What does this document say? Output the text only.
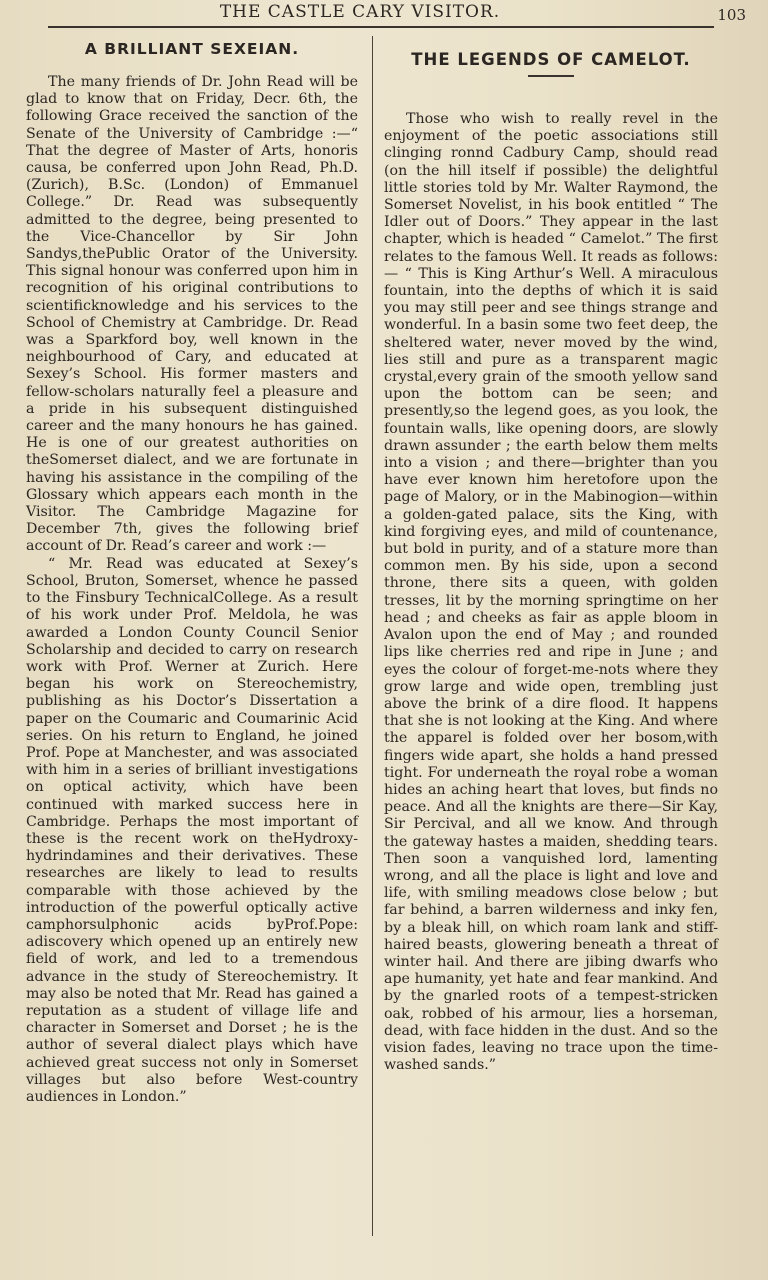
THE CASTLE CARY VISITOR.	103
A BRILLIANT SEXEIAN.

The many friends of Dr. John Read will be glad to know that on Friday, Decr. 6th, the following Grace received the sanction of the Senate of the University of Cambridge :—“ That the degree of Master of Arts, honoris causa, be conferred upon John Read, Ph.D. (Zurich), B.Sc. (London) of Emmanuel College.” Dr. Read was subsequently admitted to the degree, being presented to the Vice-Chancellor by Sir John Sandys,thePublic Orator of the University. This signal honour was conferred upon him in recognition of his original contributions to scientificknowledge and his services to the School of Chemistry at Cambridge. Dr. Read was a Sparkford boy, well known in the neighbourhood of Cary, and educated at Sexey’s School. His former masters and fellow-scholars naturally feel a pleasure and a pride in his subsequent distinguished career and the many honours he has gained. He is one of our greatest authorities on theSomerset dialect, and we are fortunate in having his assistance in the compiling of the Glossary which appears each month in the Visitor. The Cambridge Magazine for December 7th, gives the following brief account of Dr. Read’s career and work :—

“ Mr. Read was educated at Sexey’s School, Bruton, Somerset, whence he passed to the Finsbury TechnicalCollege. As a result of his work under Prof. Meldola, he was awarded a London County Council Senior Scholarship and decided to carry on research work with Prof. Werner at Zurich. Here began his work on Stereochemistry, publishing as his Doctor’s Dissertation a paper on the Coumaric and Coumarinic Acid series. On his return to England, he joined Prof. Pope at Manchester, and was associated with him in a series of brilliant investigations on optical activity, which have been continued with marked success here in Cambridge. Perhaps the most important of these is the recent work on theHydroxy-hydrindamines and their derivatives. These researches are likely to lead to results comparable with those achieved by the introduction of the powerful optically active camphorsulphonic acids byProf.Pope: adiscovery which opened up an entirely new field of work, and led to a tremendous advance in the study of Stereochemistry. It may also be noted that Mr. Read has gained a reputation as a student of village life and character in Somerset and Dorset ; he is the author of several dialect plays which have achieved great success not only in Somerset villages but also before West-country audiences in London.”

THE LEGENDS OF CAMELOT.

Those who wish to really revel in the enjoyment of the poetic associations still clinging ronnd Cadbury Camp, should read (on the hill itself if possible) the delightful little stories told by Mr. Walter Raymond, the Somerset Novelist, in his book entitled “ The Idler out of Doors.” They appear in the last chapter, which is headed “ Camelot.” The first relates to the famous Well. It reads as follows:— “ This is King Arthur’s Well. A miraculous fountain, into the depths of which it is said you may still peer and see things strange and wonderful. In a basin some two feet deep, the sheltered water, never moved by the wind, lies still and pure as a transparent magic crystal,every grain of the smooth yellow sand upon the bottom can be seen; and presently,so the legend goes, as you look, the fountain walls, like opening doors, are slowly drawn assunder ; the earth below them melts into a vision ; and there—brighter than you have ever known him heretofore upon the page of Malory, or in the Mabinogion—within a golden-gated palace, sits the King, with kind forgiving eyes, and mild of countenance, but bold in purity, and of a stature more than common men. By his side, upon a second throne, there sits a queen, with golden tresses, lit by the morning springtime on her head ; and cheeks as fair as apple bloom in Avalon upon the end of May ; and rounded lips like cherries red and ripe in June ; and eyes the colour of forget-me-nots where they grow large and wide open, trembling just above the brink of a dire flood. It happens that she is not looking at the King. And where the apparel is folded over her bosom,with fingers wide apart, she holds a hand pressed tight. For underneath the royal robe a woman hides an aching heart that loves, but finds no peace. And all the knights are there—Sir Kay, Sir Percival, and all we know. And through the gateway hastes a maiden, shedding tears. Then soon a vanquished lord, lamenting wrong, and all the place is light and love and life, with smiling meadows close below ; but far behind, a barren wilderness and inky fen, by a bleak hill, on which roam lank and stiff-haired beasts, glowering beneath a threat of winter hail. And there are jibing dwarfs who ape humanity, yet hate and fear mankind. And by the gnarled roots of a tempest-stricken oak, robbed of his armour, lies a horseman, dead, with face hidden in the dust. And so the vision fades, leaving no trace upon the time-washed sands.”
